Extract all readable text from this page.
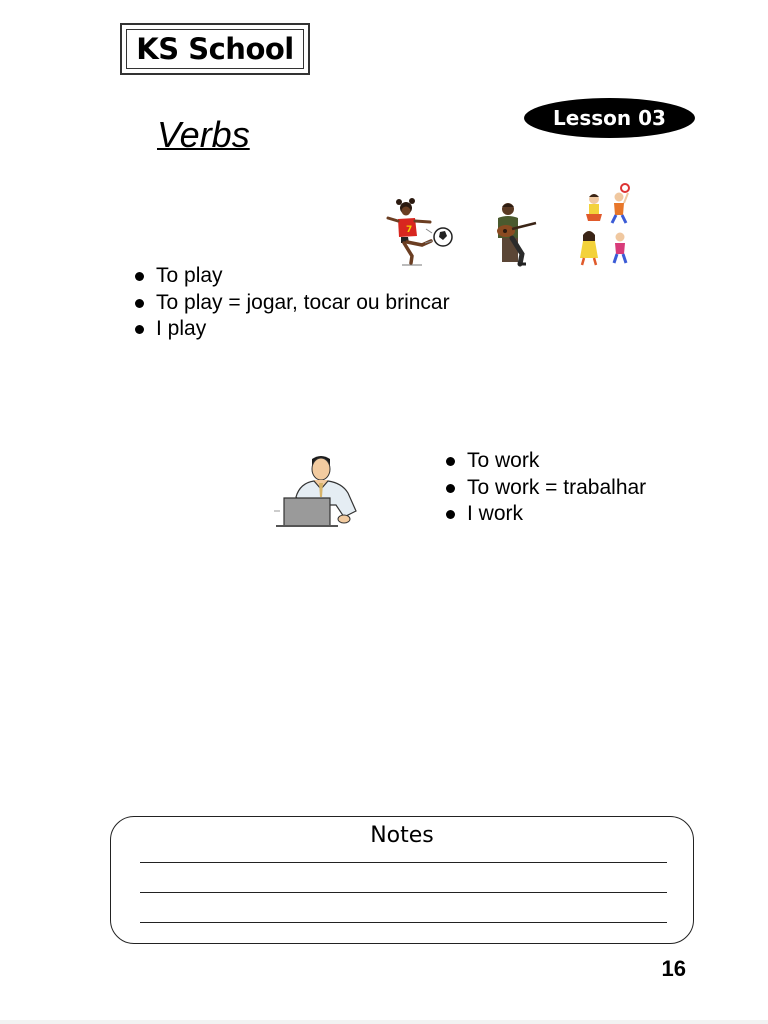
KS School
Lesson 03
Verbs
7
To play
To play = jogar, tocar ou brincar
I play
To work
To work = trabalhar
I work
Notes
16
